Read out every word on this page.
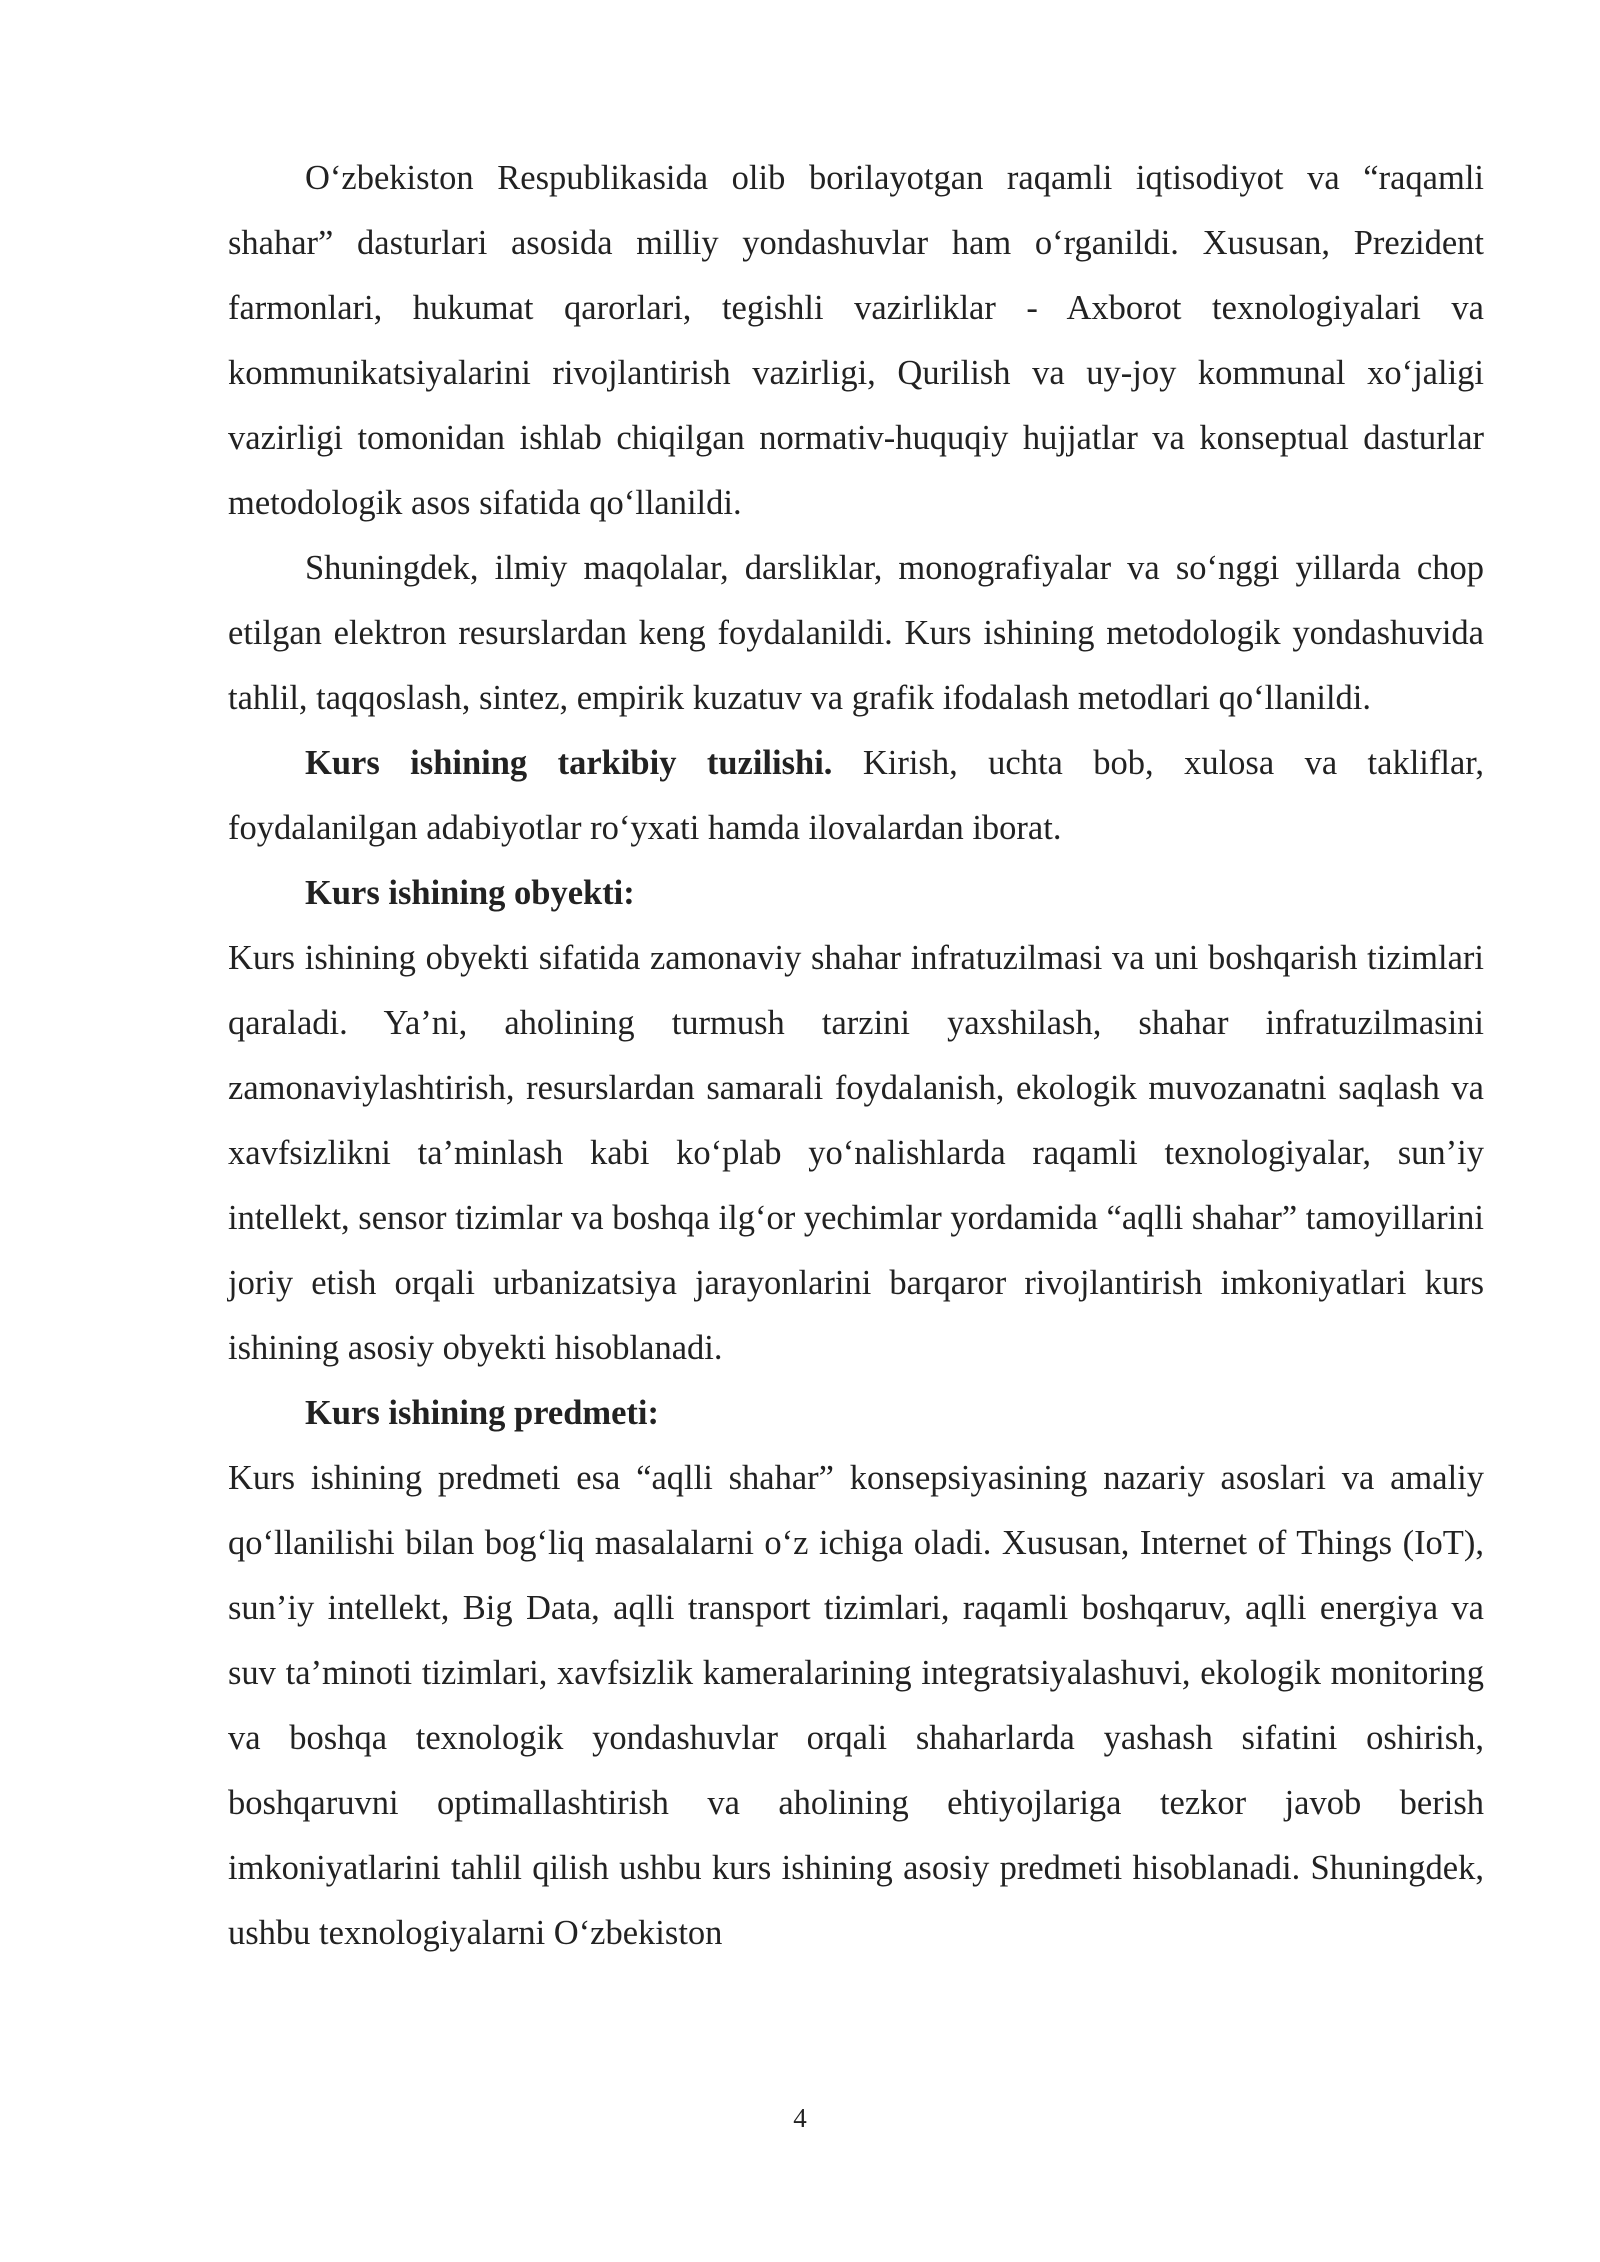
O‘zbekiston Respublikasida olib borilayotgan raqamli iqtisodiyot va “raqamli shahar” dasturlari asosida milliy yondashuvlar ham o‘rganildi. Xususan, Prezident farmonlari, hukumat qarorlari, tegishli vazirliklar - Axborot texnologiyalari va kommunikatsiyalarini rivojlantirish vazirligi, Qurilish va uy-joy kommunal xo‘jaligi vazirligi tomonidan ishlab chiqilgan normativ-huquqiy hujjatlar va konseptual dasturlar metodologik asos sifatida qo‘llanildi.

Shuningdek, ilmiy maqolalar, darsliklar, monografiyalar va so‘nggi yillarda chop etilgan elektron resurslardan keng foydalanildi. Kurs ishining metodologik yondashuvida tahlil, taqqoslash, sintez, empirik kuzatuv va grafik ifodalash metodlari qo‘llanildi.

Kurs ishining tarkibiy tuzilishi. Kirish, uchta bob, xulosa va takliflar, foydalanilgan adabiyotlar ro‘yxati hamda ilovalardan iborat.

Kurs ishining obyekti:

Kurs ishining obyekti sifatida zamonaviy shahar infratuzilmasi va uni boshqarish tizimlari qaraladi. Ya’ni, aholining turmush tarzini yaxshilash, shahar infratuzilmasini zamonaviylashtirish, resurslardan samarali foydalanish, ekologik muvozanatni saqlash va xavfsizlikni ta’minlash kabi ko‘plab yo‘nalishlarda raqamli texnologiyalar, sun’iy intellekt, sensor tizimlar va boshqa ilg‘or yechimlar yordamida “aqlli shahar” tamoyillarini joriy etish orqali urbanizatsiya jarayonlarini barqaror rivojlantirish imkoniyatlari kurs ishining asosiy obyekti hisoblanadi.

Kurs ishining predmeti:

Kurs ishining predmeti esa “aqlli shahar” konsepsiyasining nazariy asoslari va amaliy qo‘llanilishi bilan bog‘liq masalalarni o‘z ichiga oladi. Xususan, Internet of Things (IoT), sun’iy intellekt, Big Data, aqlli transport tizimlari, raqamli boshqaruv, aqlli energiya va suv ta’minoti tizimlari, xavfsizlik kameralarining integratsiyalashuvi, ekologik monitoring va boshqa texnologik yondashuvlar orqali shaharlarda yashash sifatini oshirish, boshqaruvni optimallashtirish va aholining ehtiyojlariga tezkor javob berish imkoniyatlarini tahlil qilish ushbu kurs ishining asosiy predmeti hisoblanadi. Shuningdek, ushbu texnologiyalarni O‘zbekiston

4
